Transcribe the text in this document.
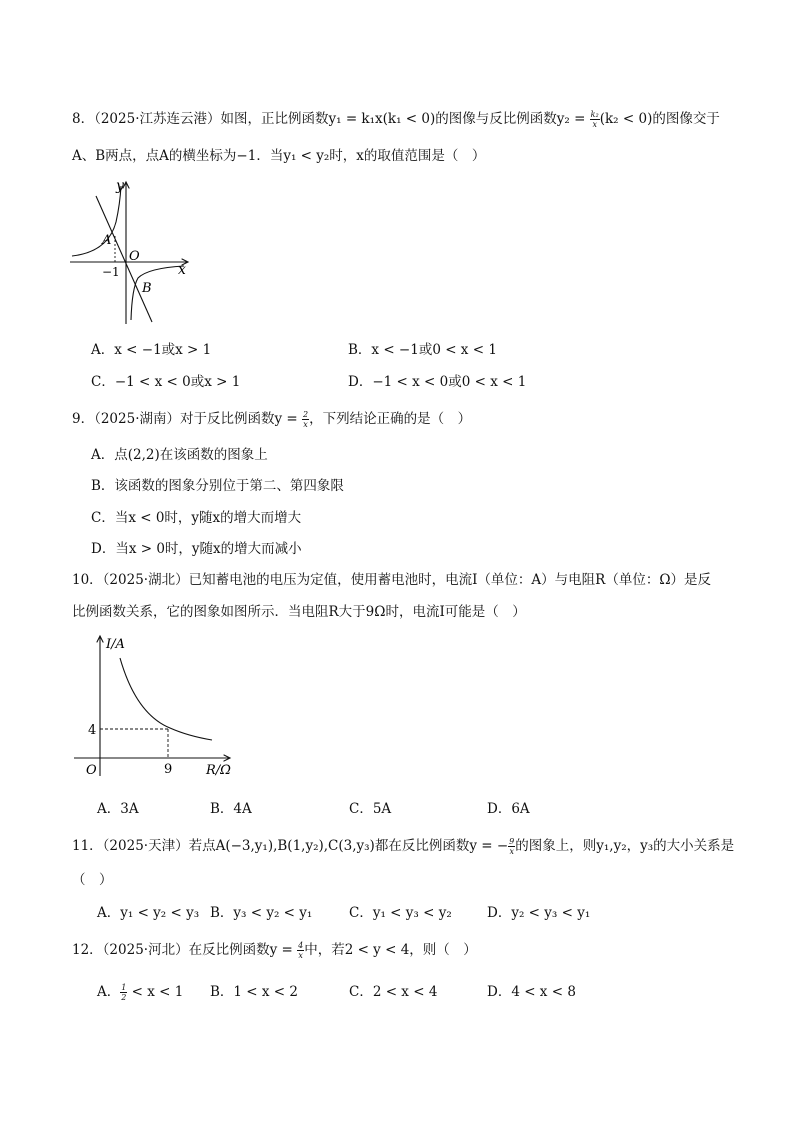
8．（2025·江苏连云港）如图，正比例函数y₁ = k₁x(k₁ < 0)的图像与反比例函数$y_2 = \frac{\text{k₂}}{x} (k_2 < 0)$的图像交于
A、B两点，点A的横坐标为−1．当y₁ < y₂时，x的取值范围是（　）
y
x
O
A
B
−1
A．x < −1或x > 1	B．x < −1或0 < x < 1
C．−1 < x < 0或x > 1	D．−1 < x < 0或0 < x < 1
9．（2025·湖南）对于反比例函数$y = \frac{2}{x}$ ，下列结论正确的是（　）
A．点(2,2)在该函数的图象上
B．该函数的图象分别位于第二、第四象限
C．当x < 0时，y随x的增大而增大
D．当x > 0时，y随x的增大而减小
10．（2025·湖北）已知蓄电池的电压为定值，使用蓄电池时，电流I（单位：A）与电阻R（单位：Ω）是反
比例函数关系，它的图象如图所示．当电阻R大于9Ω时，电流I可能是（　）
I/A
R/Ω
O
4
9
A．3A	B．4A	C．5A	D．6A
11．（2025·天津）若点A(−3,y₁),B(1,y₂),C(3,y₃)都在反比例函数y = − $\frac{9}{x}$ 的图象上，则y₁,y₂，y₃的大小关系是
（　）
A．y₁ < y₂ < y₃ B．y₃ < y₂ < y₁	C．y₁ < y₃ < y₂	D．y₂ < y₃ < y₁
12．（2025·河北）在反比例函数$y = \frac{4}{x}$ 中，若2 < y < 4，则（　）
A． $\frac{1}{2} < x < 1$ B．1 < x < 2	C．2 < x < 4	D．4 < x < 8
